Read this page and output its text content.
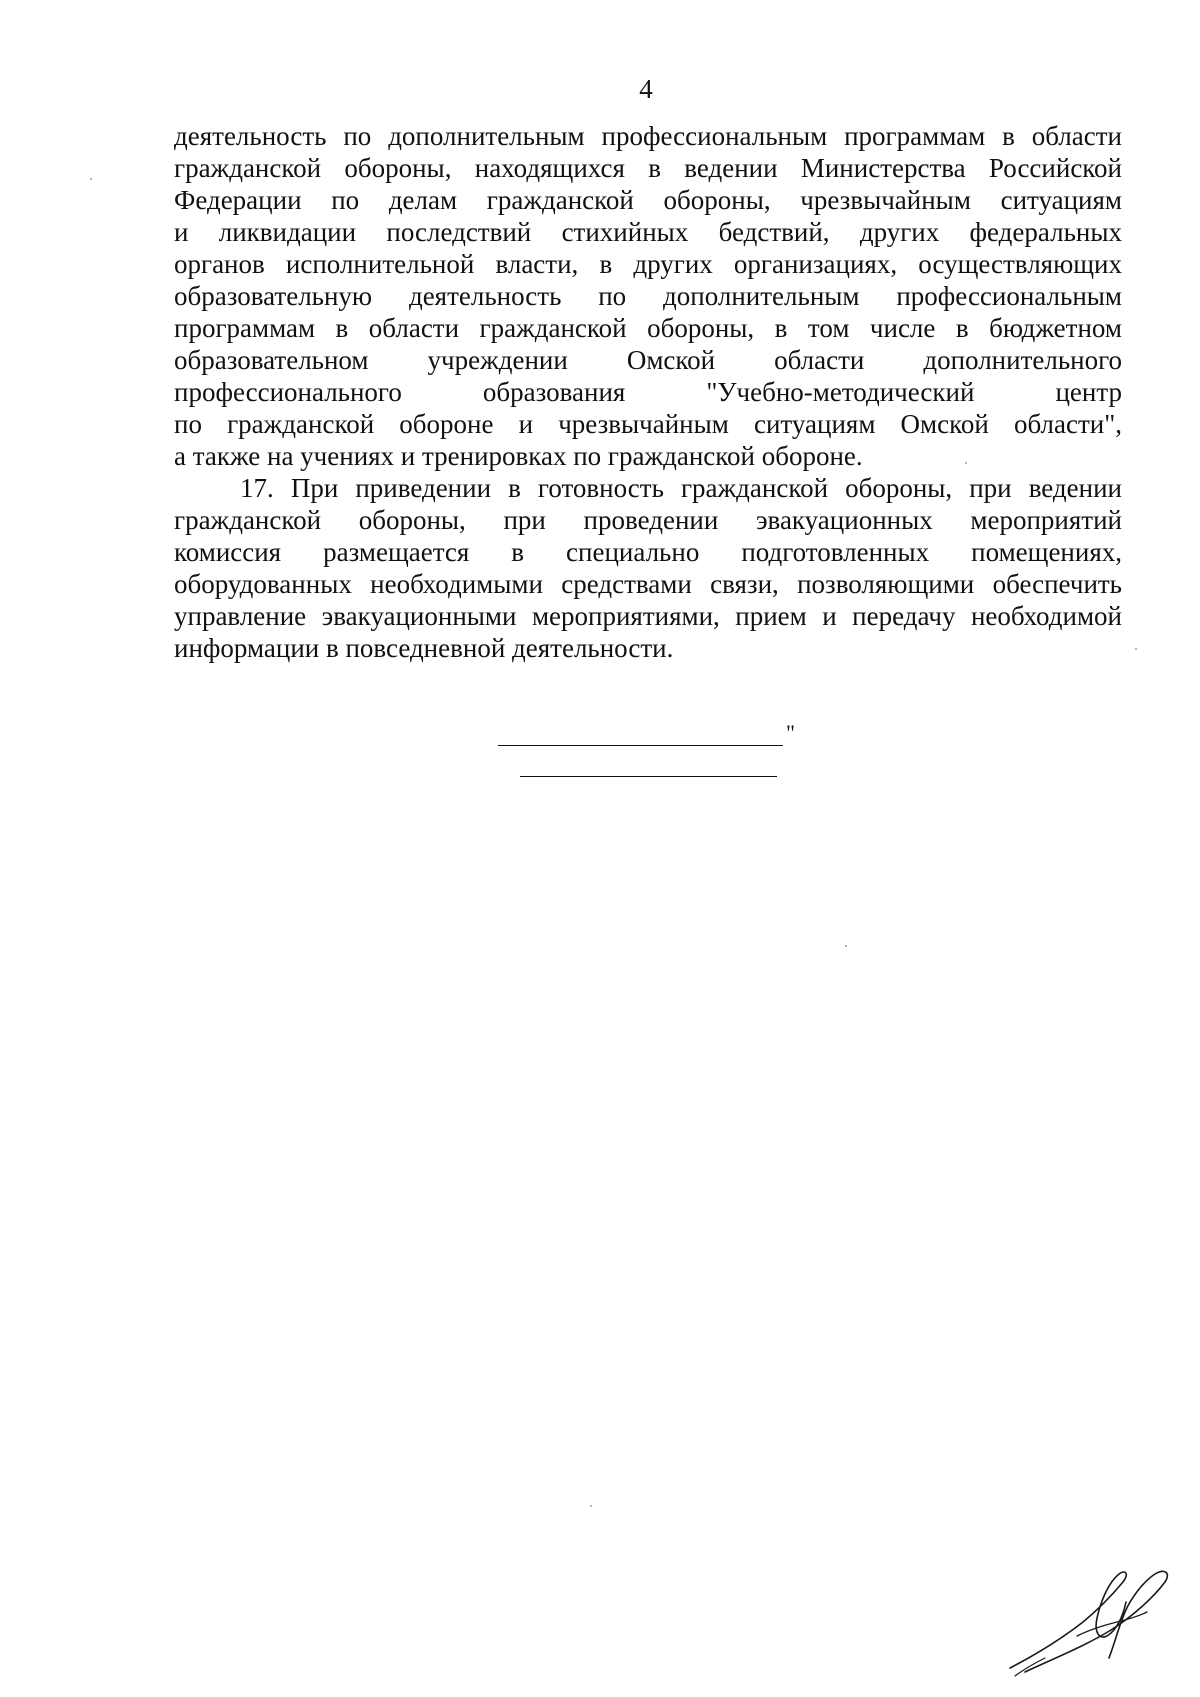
4
деятельность по дополнительным профессиональным программам в области
гражданской обороны, находящихся в ведении Министерства Российской
Федерации по делам гражданской обороны, чрезвычайным ситуациям
и ликвидации последствий стихийных бедствий, других федеральных
органов исполнительной власти, в других организациях, осуществляющих
образовательную деятельность по дополнительным профессиональным
программам в области гражданской обороны, в том числе в бюджетном
образовательном учреждении Омской области дополнительного
профессионального образования "Учебно-методический центр
по гражданской обороне и чрезвычайным ситуациям Омской области",
а также на учениях и тренировках по гражданской обороне.
17. При приведении в готовность гражданской обороны, при ведении
гражданской обороны, при проведении эвакуационных мероприятий
комиссия размещается в специально подготовленных помещениях,
оборудованных необходимыми средствами связи, позволяющими обеспечить
управление эвакуационными мероприятиями, прием и передачу необходимой
информации в повседневной деятельности.
"
